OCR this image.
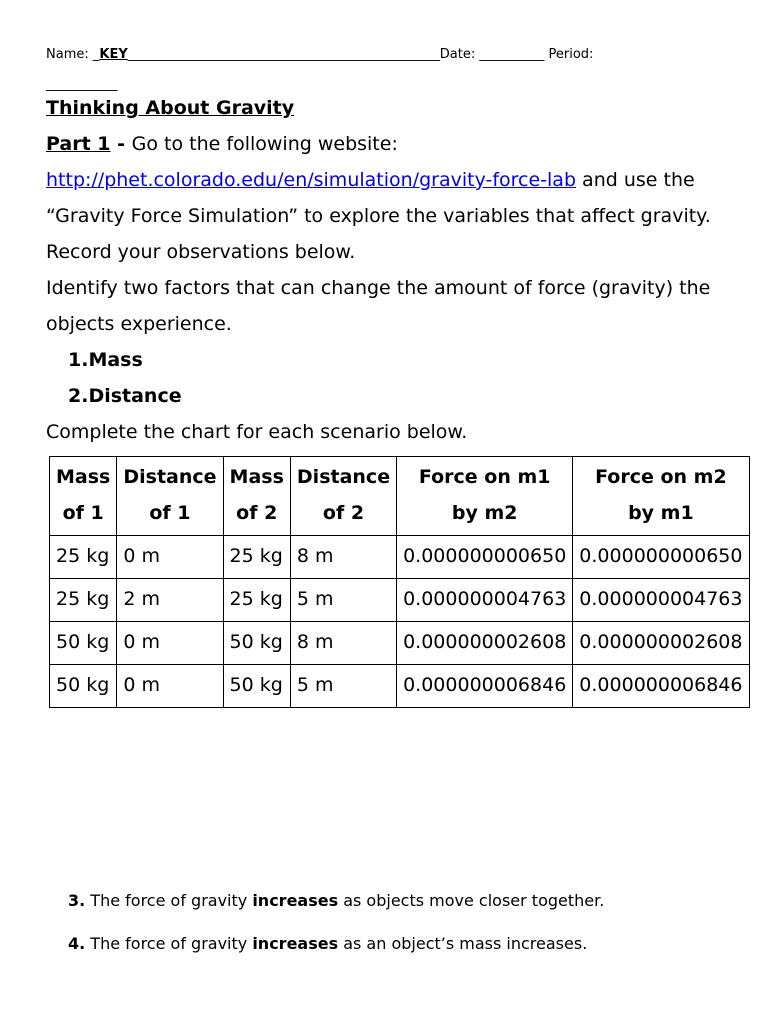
Name: _KEY________________________________________________Date: __________ Period:
___________
Thinking About Gravity
Part 1 - Go to the following website:
http://phet.colorado.edu/en/simulation/gravity-force-lab and use the “Gravity Force Simulation” to explore the variables that affect gravity. Record your observations below.
Identify two factors that can change the amount of force (gravity) the objects experience.
1.Mass
2.Distance
Complete the chart for each scenario below.
Mass of 1	Distance of 1	Mass of 2	Distance of 2	Force on m1 by m2	Force on m2 by m1
25 kg	0 m	25 kg	8 m	0.000000000650	0.000000000650
25 kg	2 m	25 kg	5 m	0.000000004763	0.000000004763
50 kg	0 m	50 kg	8 m	0.000000002608	0.000000002608
50 kg	0 m	50 kg	5 m	0.000000006846	0.000000006846
3. The force of gravity increases as objects move closer together.
4. The force of gravity increases as an object’s mass increases.
